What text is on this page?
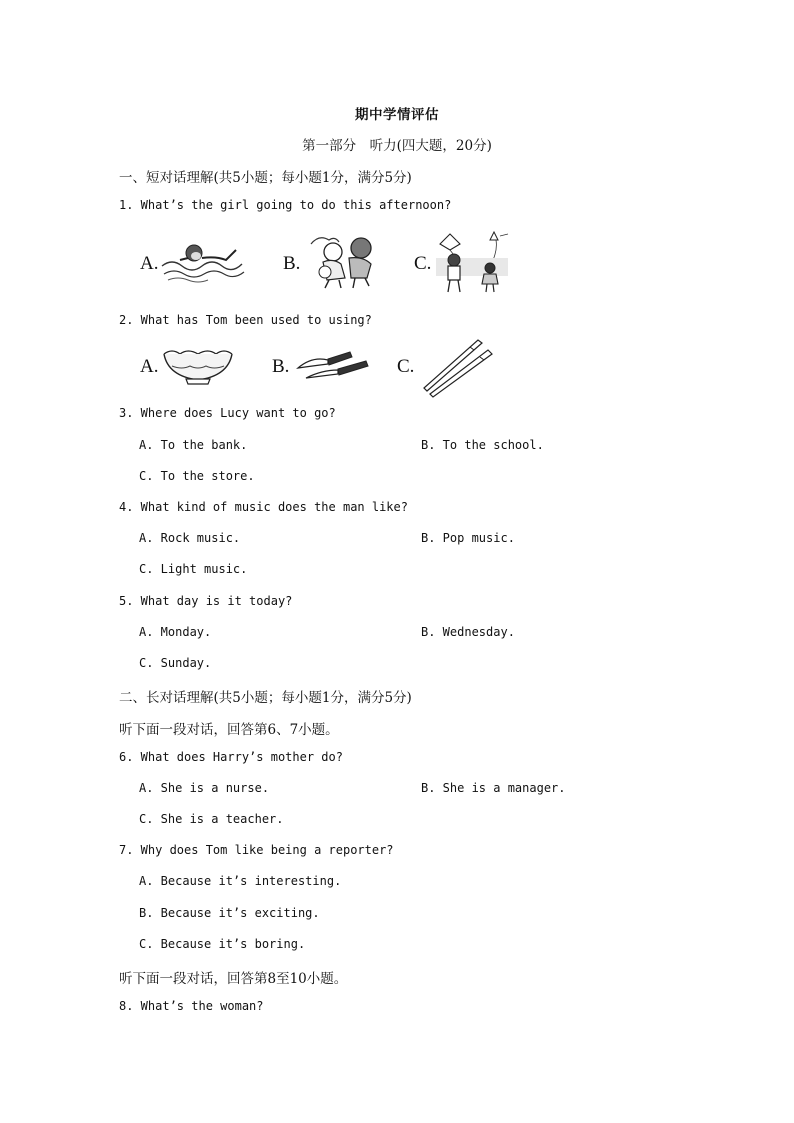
期中学情评估
第一部分　听力(四大题，20分)
一、短对话理解(共5小题；每小题1分，满分5分)
1. What’s the girl going to do this afternoon?
A.	B.	C.
2. What has Tom been used to using?
A.	B.	C.
3. Where does Lucy want to go?
A. To the bank.	B. To the school.
C. To the store.
4. What kind of music does the man like?
A. Rock music.	B. Pop music.
C. Light music.
5. What day is it today?
A. Monday.	B. Wednesday.
C. Sunday.
二、长对话理解(共5小题；每小题1分，满分5分)
听下面一段对话，回答第6、7小题。
6. What does Harry’s mother do?
A. She is a nurse.	B. She is a manager.
C. She is a teacher.
7. Why does Tom like being a reporter?
A. Because it’s interesting.
B. Because it’s exciting.
C. Because it’s boring.
听下面一段对话，回答第8至10小题。
8. What’s the woman?
